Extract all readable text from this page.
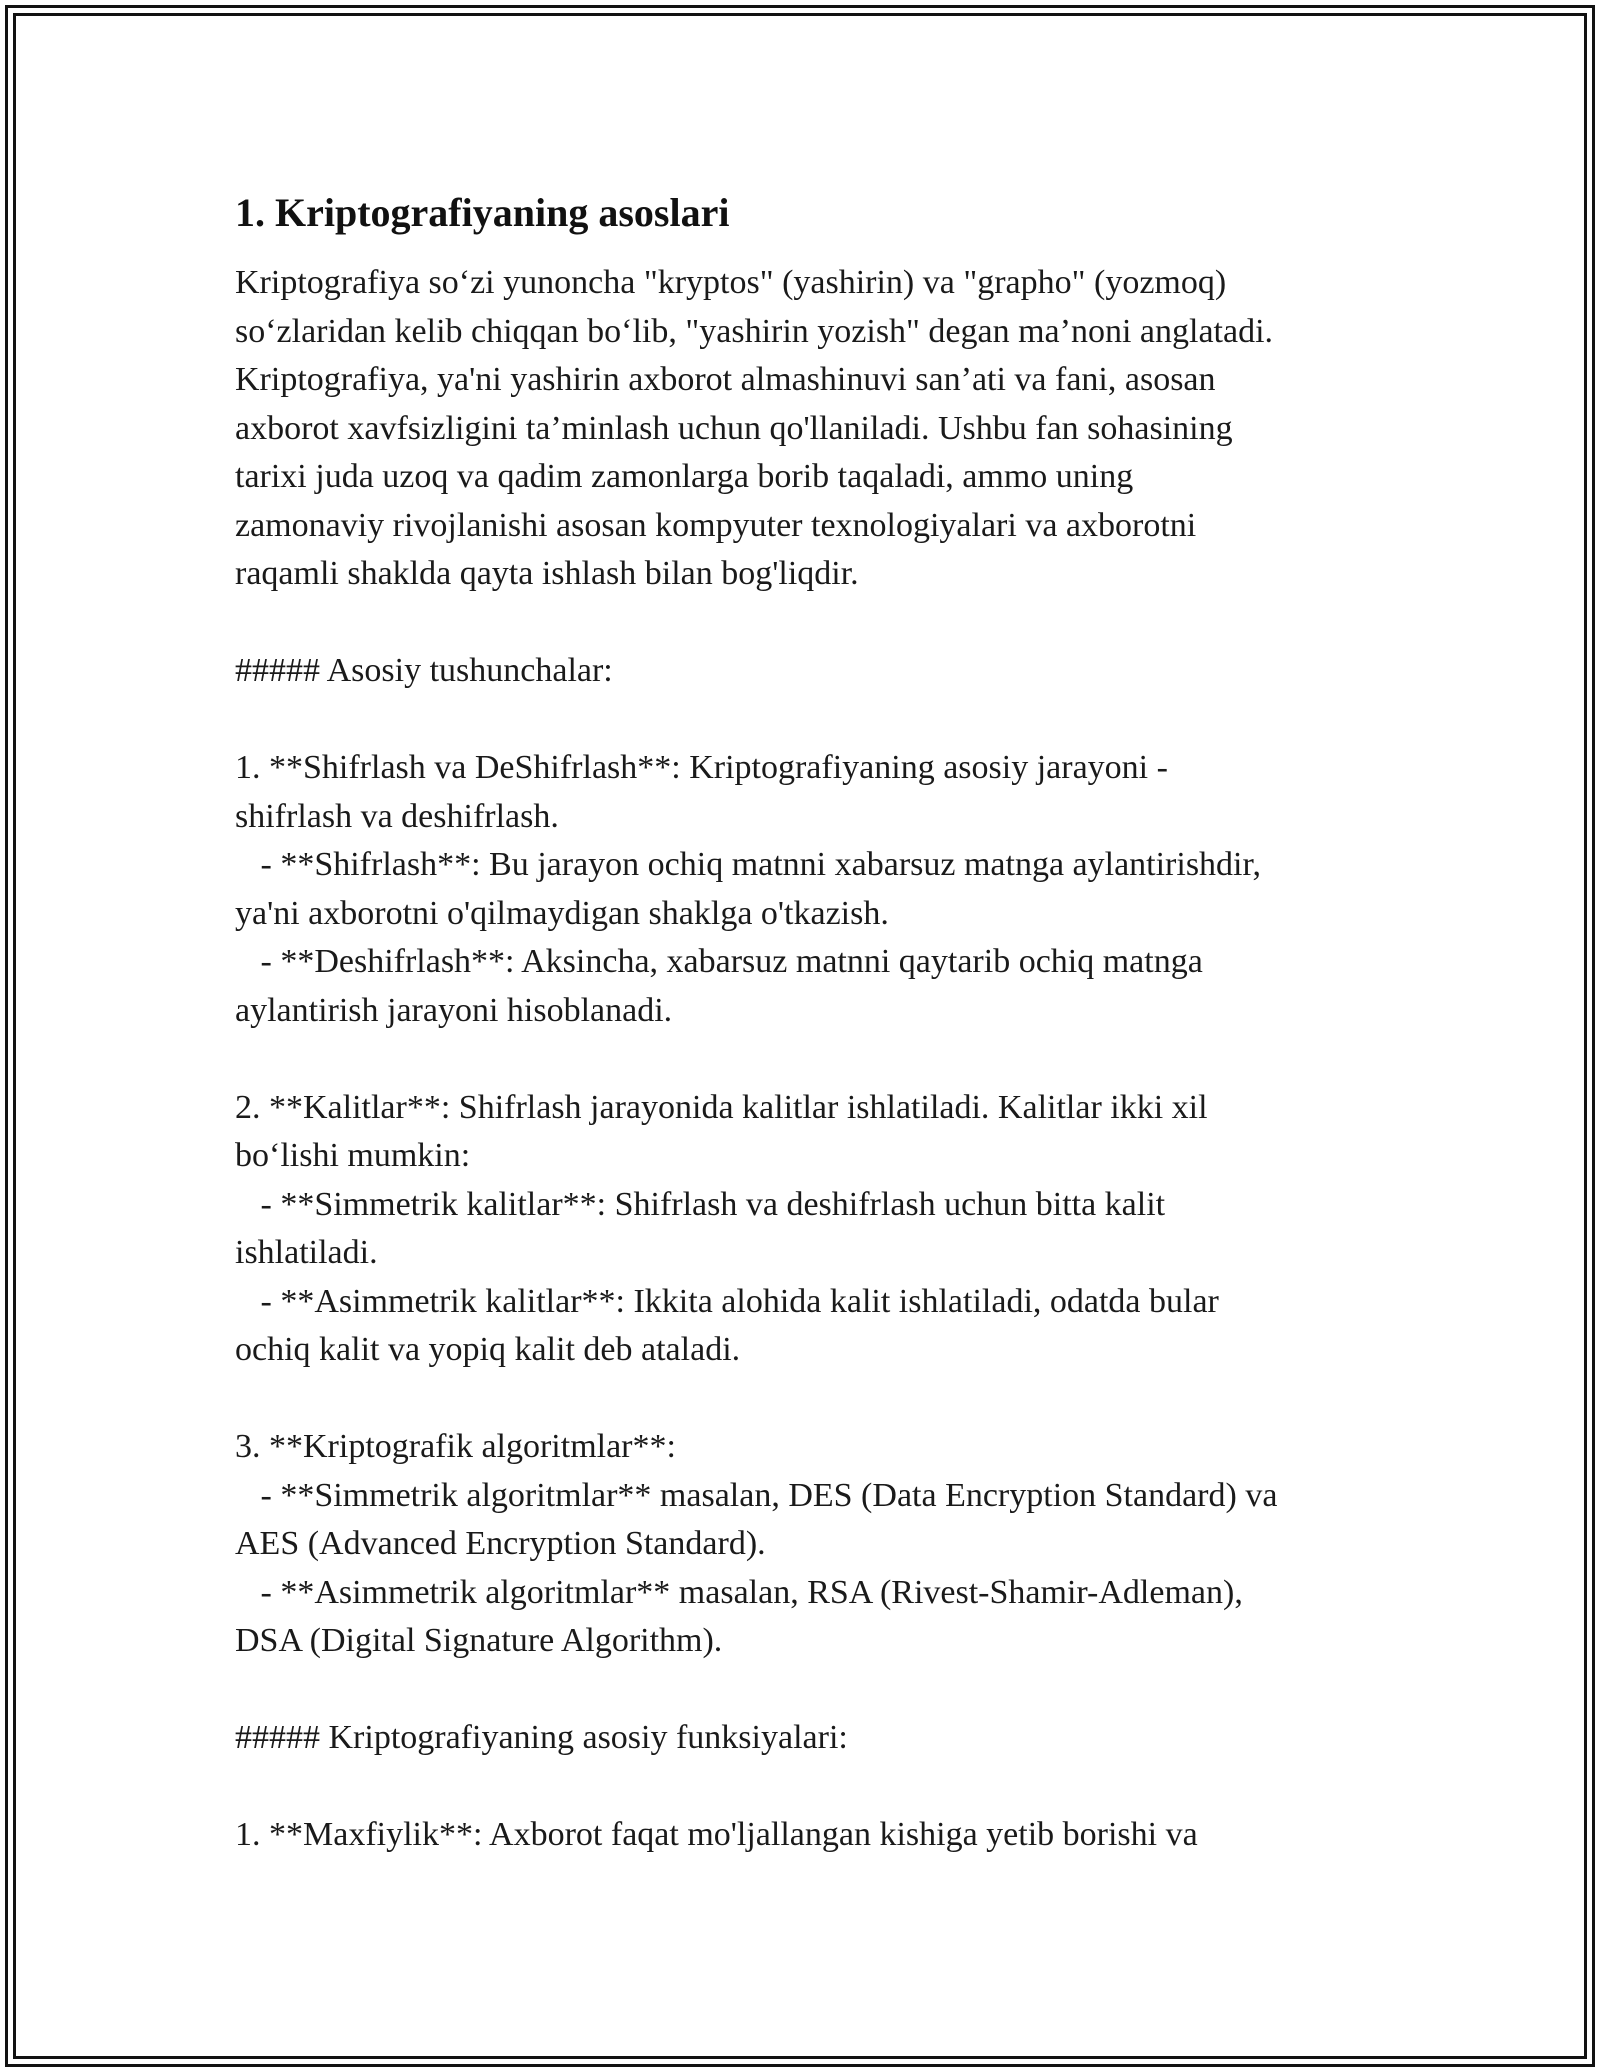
1. Kriptografiyaning asoslari
Kriptografiya so‘zi yunoncha "kryptos" (yashirin) va "grapho" (yozmoq)
so‘zlaridan kelib chiqqan bo‘lib, "yashirin yozish" degan ma’noni anglatadi.
Kriptografiya, ya'ni yashirin axborot almashinuvi san’ati va fani, asosan
axborot xavfsizligini ta’minlash uchun qo'llaniladi. Ushbu fan sohasining
tarixi juda uzoq va qadim zamonlarga borib taqaladi, ammo uning
zamonaviy rivojlanishi asosan kompyuter texnologiyalari va axborotni
raqamli shaklda qayta ishlash bilan bog'liqdir.

##### Asosiy tushunchalar:

1. **Shifrlash va DeShifrlash**: Kriptografiyaning asosiy jarayoni -
shifrlash va deshifrlash.
- **Shifrlash**: Bu jarayon ochiq matnni xabarsuz matnga aylantirishdir,
ya'ni axborotni o'qilmaydigan shaklga o'tkazish.
- **Deshifrlash**: Aksincha, xabarsuz matnni qaytarib ochiq matnga
aylantirish jarayoni hisoblanadi.

2. **Kalitlar**: Shifrlash jarayonida kalitlar ishlatiladi. Kalitlar ikki xil
bo‘lishi mumkin:
- **Simmetrik kalitlar**: Shifrlash va deshifrlash uchun bitta kalit
ishlatiladi.
- **Asimmetrik kalitlar**: Ikkita alohida kalit ishlatiladi, odatda bular
ochiq kalit va yopiq kalit deb ataladi.

3. **Kriptografik algoritmlar**:
- **Simmetrik algoritmlar** masalan, DES (Data Encryption Standard) va
AES (Advanced Encryption Standard).
- **Asimmetrik algoritmlar** masalan, RSA (Rivest-Shamir-Adleman),
DSA (Digital Signature Algorithm).

##### Kriptografiyaning asosiy funksiyalari:

1. **Maxfiylik**: Axborot faqat mo'ljallangan kishiga yetib borishi va
